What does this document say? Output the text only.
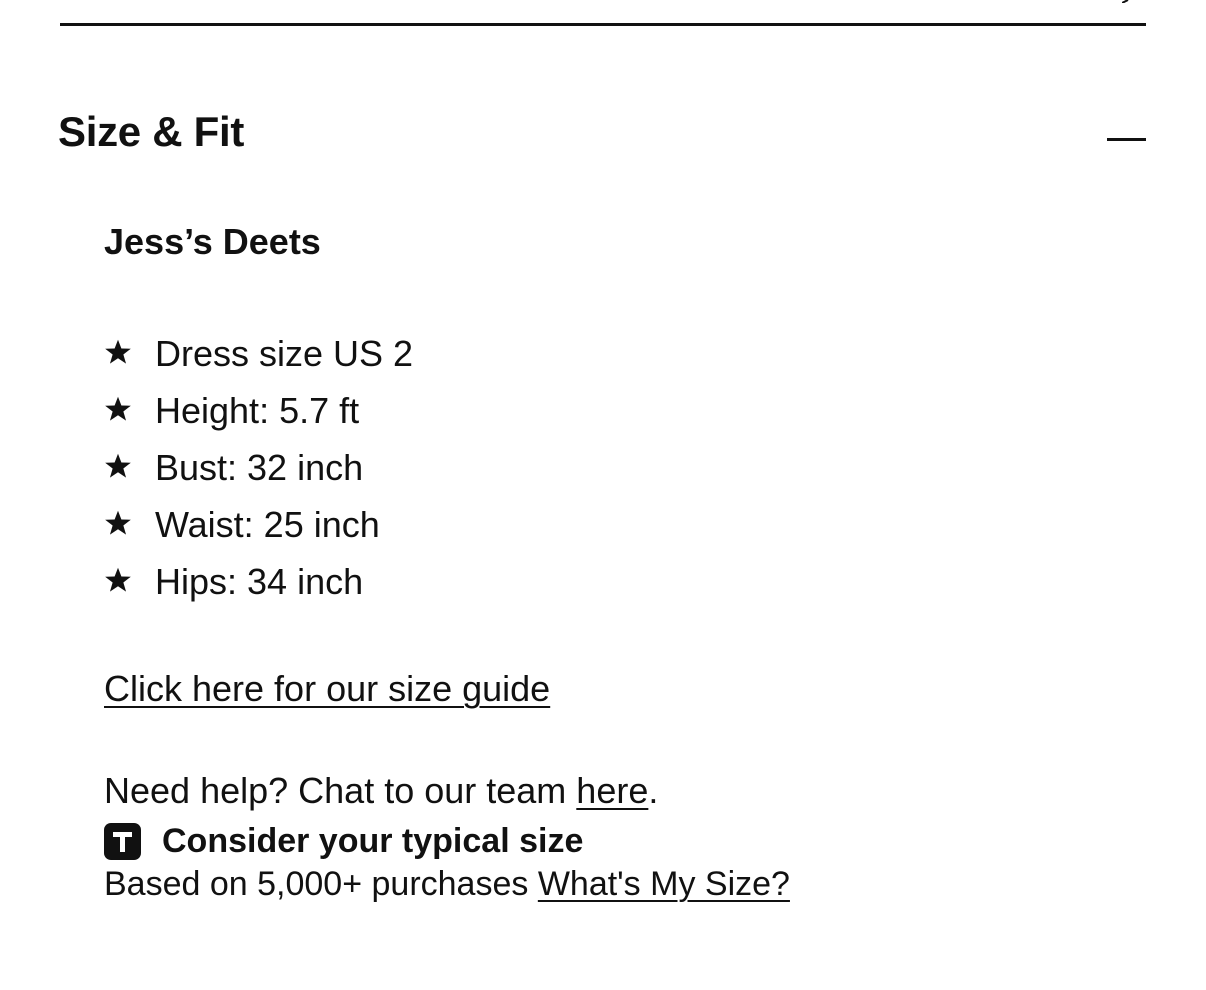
Size & Fit
Jess’s Deets
Dress size US 2
Height: 5.7 ft
Bust: 32 inch
Waist: 25 inch
Hips: 34 inch
Click here for our size guide
Need help? Chat to our team here.
Consider your typical size
Based on 5,000+ purchases What's My Size?
